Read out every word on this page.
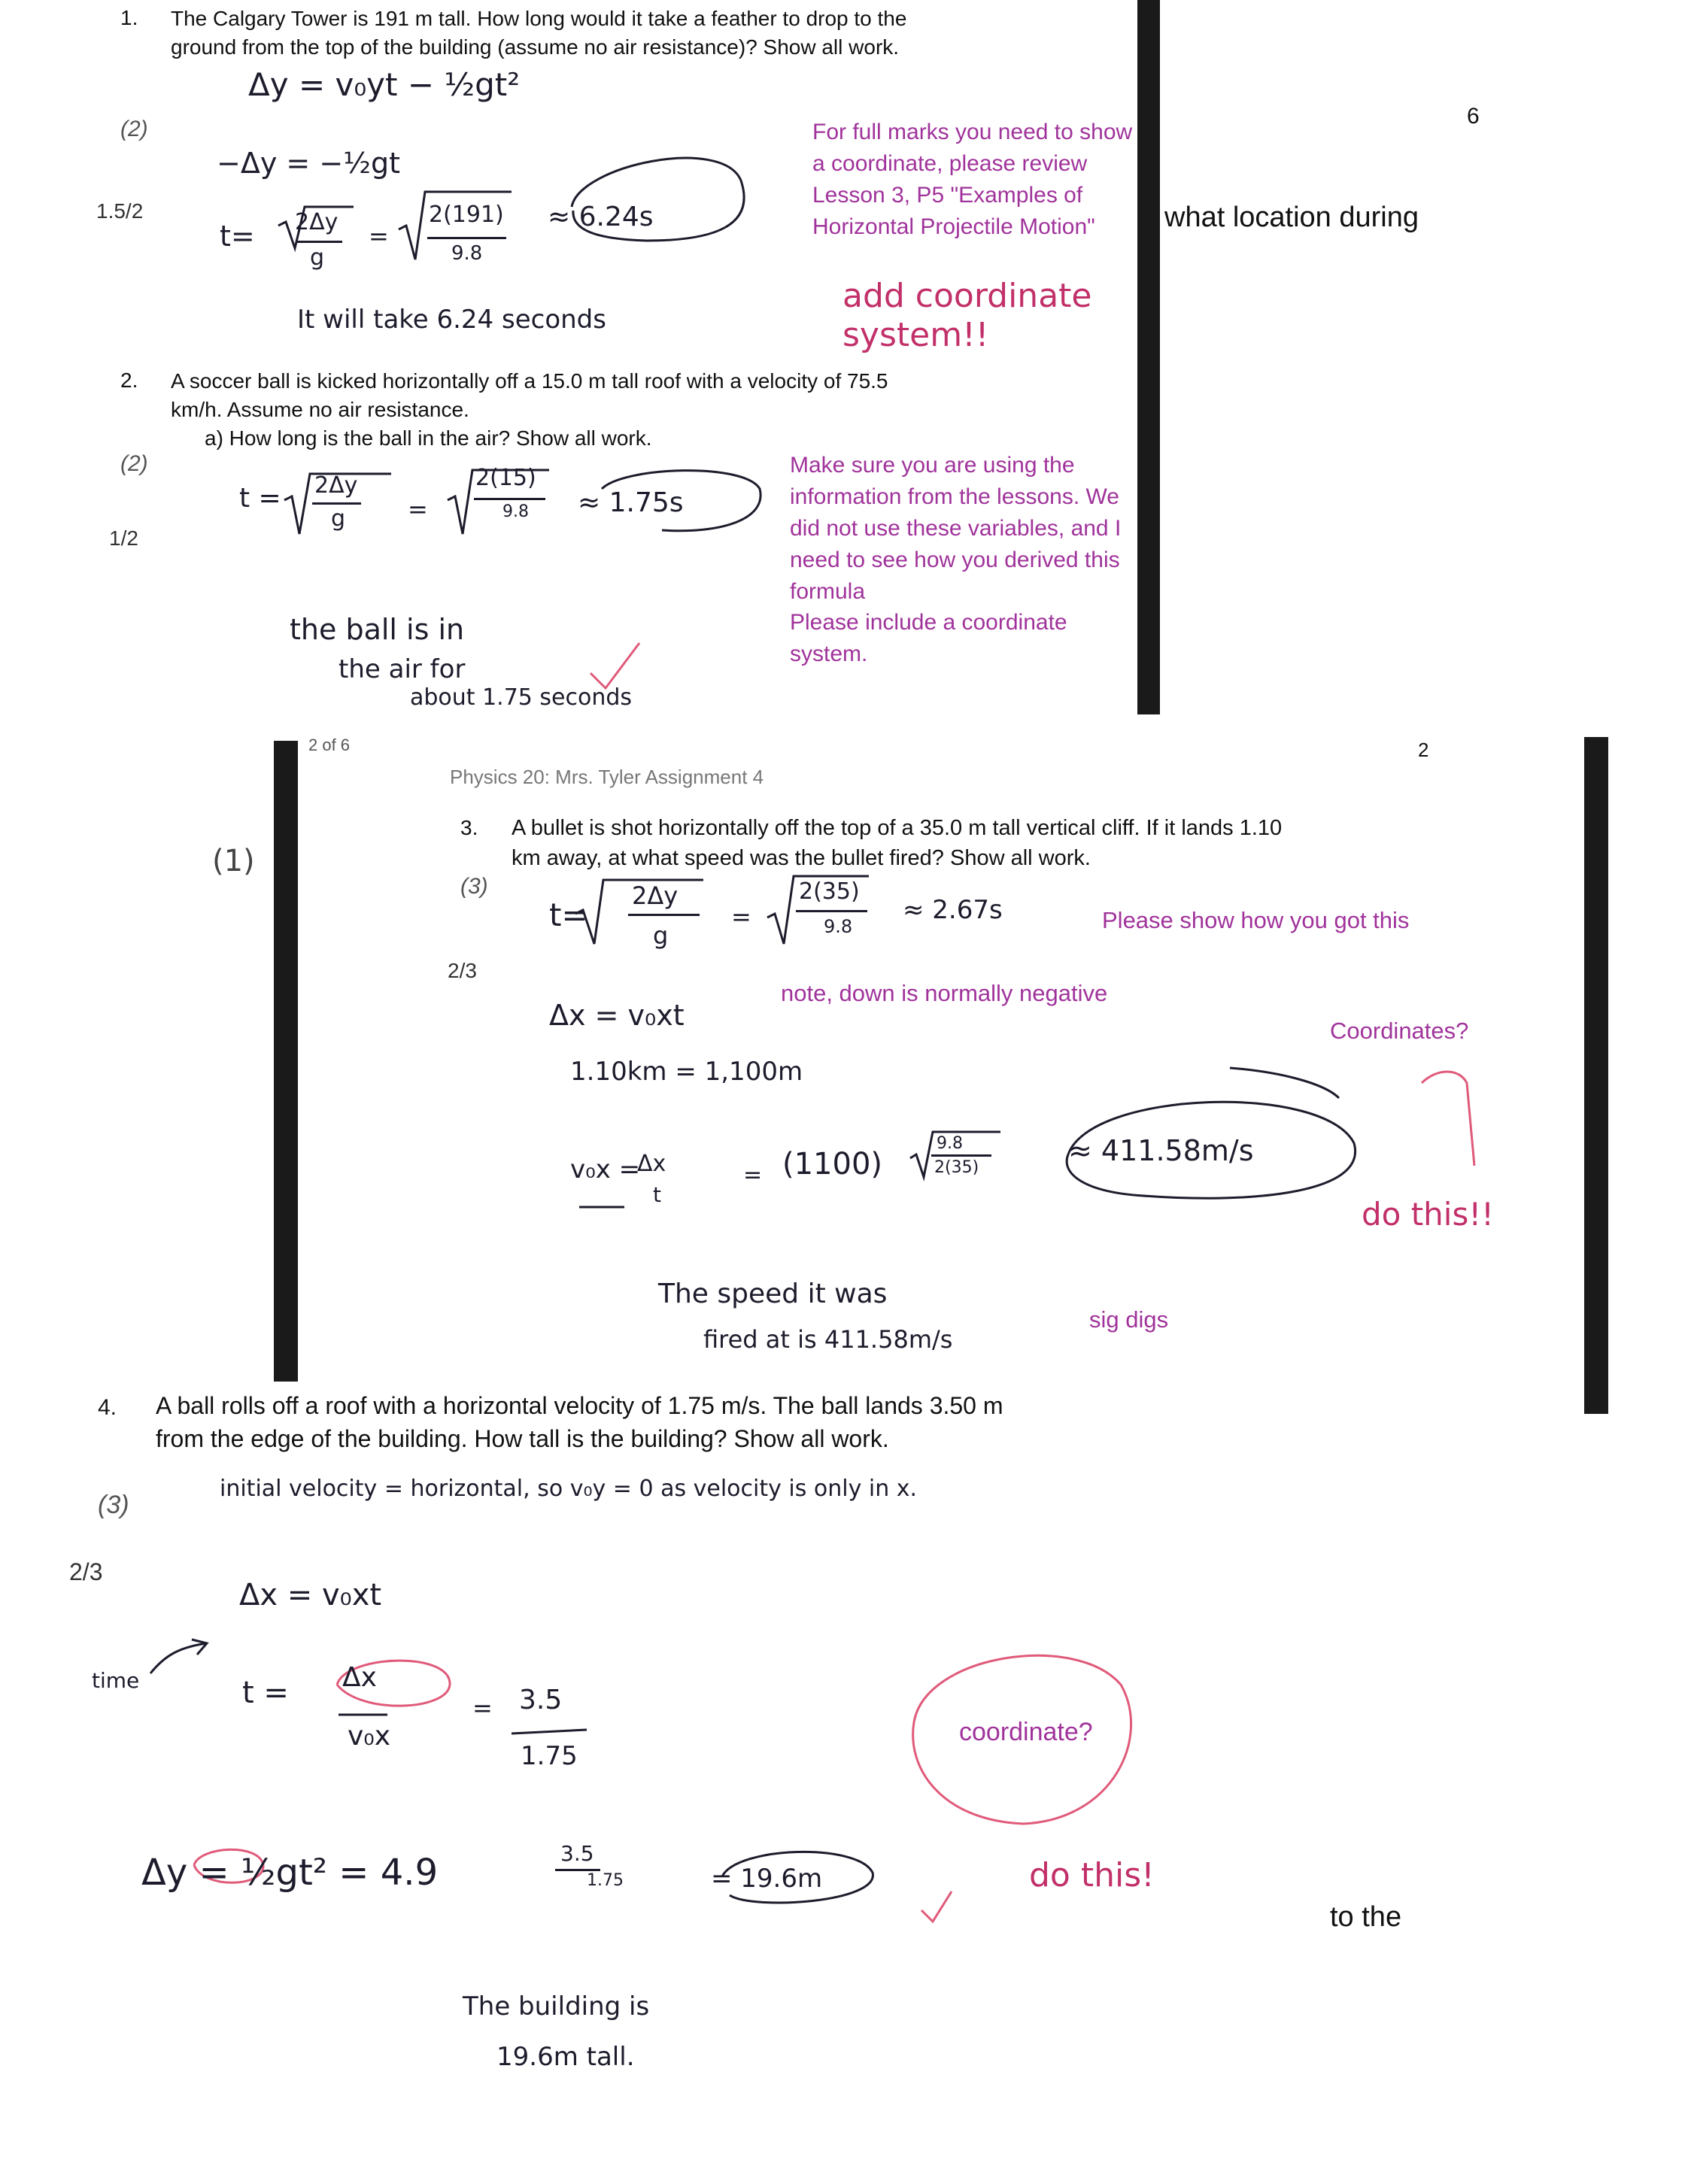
1. The Calgary Tower is 191 m tall. How long would it take a feather to drop to the
ground from the top of the building (assume no air resistance)? Show all work.
(2)
1.5/2
Δy = v₀yt − ½gt²
−Δy = −½gt
t= 2Δy
g
=
2(191)
9.8
≈ 6.24s
It will take 6.24 seconds
For full marks you need to show a coordinate, please review Lesson 3, P5 "Examples of Horizontal Projectile Motion"
add coordinate system!!
6
what location during
2. A soccer ball is kicked horizontally off a 15.0 m tall roof with a velocity of 75.5
km/h. Assume no air resistance.
a) How long is the ball in the air? Show all work.
(2)
1/2
t = 2Δy
g	=
2(15)
9.8 ≈ 1.75s
the ball is in
the air for
about 1.75 seconds
Make sure you are using the information from the lessons. We did not use these variables, and I need to see how you derived this formula
Please include a coordinate system.
2 of 6
Physics 20: Mrs. Tyler Assignment 4
2
3. A bullet is shot horizontally off the top of a 35.0 m tall vertical cliff. If it lands 1.10
km away, at what speed was the bullet fired? Show all work.
(3)
(1)
2/3
t=
2Δy
g
=
2(35)
9.8
≈ 2.67s
Δx = v₀xt
1.10km = 1,100m
v₀x =
Δx
t
= (1100)
9.8
2(35)
≈ 411.58m/s
The speed it was
fired at is 411.58m/s
Please show how you got this
note, down is normally negative
Coordinates?
sig digs
do this!!
4. A ball rolls off a roof with a horizontal velocity of 1.75 m/s. The ball lands 3.50 m
from the edge of the building. How tall is the building? Show all work.
(3)
2/3
initial velocity = horizontal, so v₀y = 0 as velocity is only in x.
time
Δx = v₀xt
t = Δx
v₀x
= 3.5
1.75
Δy = ½gt² = 4.9	3.5
1.75	= 19.6m
The building is
19.6m tall.
coordinate?
do this!
to the
